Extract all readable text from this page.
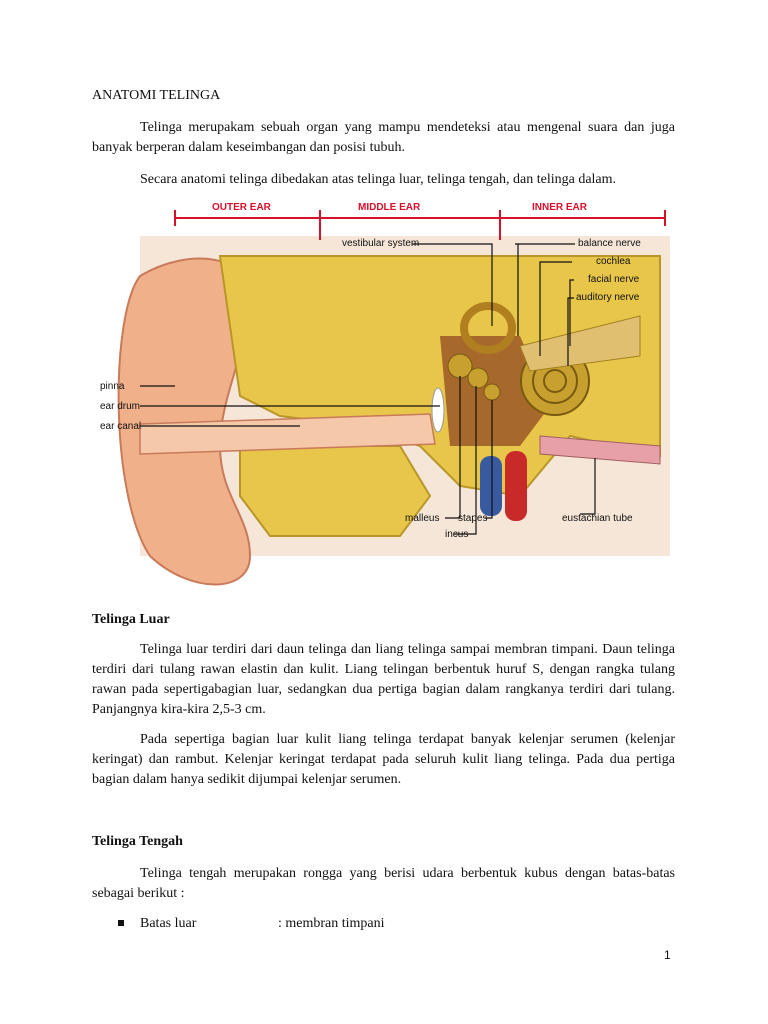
ANATOMI TELINGA

Telinga merupakam sebuah organ yang mampu mendeteksi atau mengenal suara dan juga banyak berperan dalam keseimbangan dan posisi tubuh.

Secara anatomi telinga dibedakan atas telinga luar, telinga tengah, dan telinga dalam.

OUTER EAR	MIDDLE EAR	INNER EAR
vestibular system	balance nerve
cochlea
facial nerve
auditory nerve
pinna
ear drum
ear canal
malleus
incus
stapes	eustachian tube

Telinga Luar

Telinga luar terdiri dari daun telinga dan liang telinga sampai membran timpani. Daun telinga terdiri dari tulang rawan elastin dan kulit. Liang telingan berbentuk huruf S, dengan rangka tulang rawan pada sepertigabagian luar, sedangkan dua pertiga bagian dalam rangkanya terdiri dari tulang. Panjangnya kira-kira 2,5-3 cm.

Pada sepertiga bagian luar kulit liang telinga terdapat banyak kelenjar serumen (kelenjar keringat) dan rambut. Kelenjar keringat terdapat pada seluruh kulit liang telinga. Pada dua pertiga bagian dalam hanya sedikit dijumpai kelenjar serumen.

Telinga Tengah

Telinga tengah merupakan rongga yang berisi udara berbentuk kubus dengan batas-batas sebagai berikut :

Batas luar	: membran timpani
1
